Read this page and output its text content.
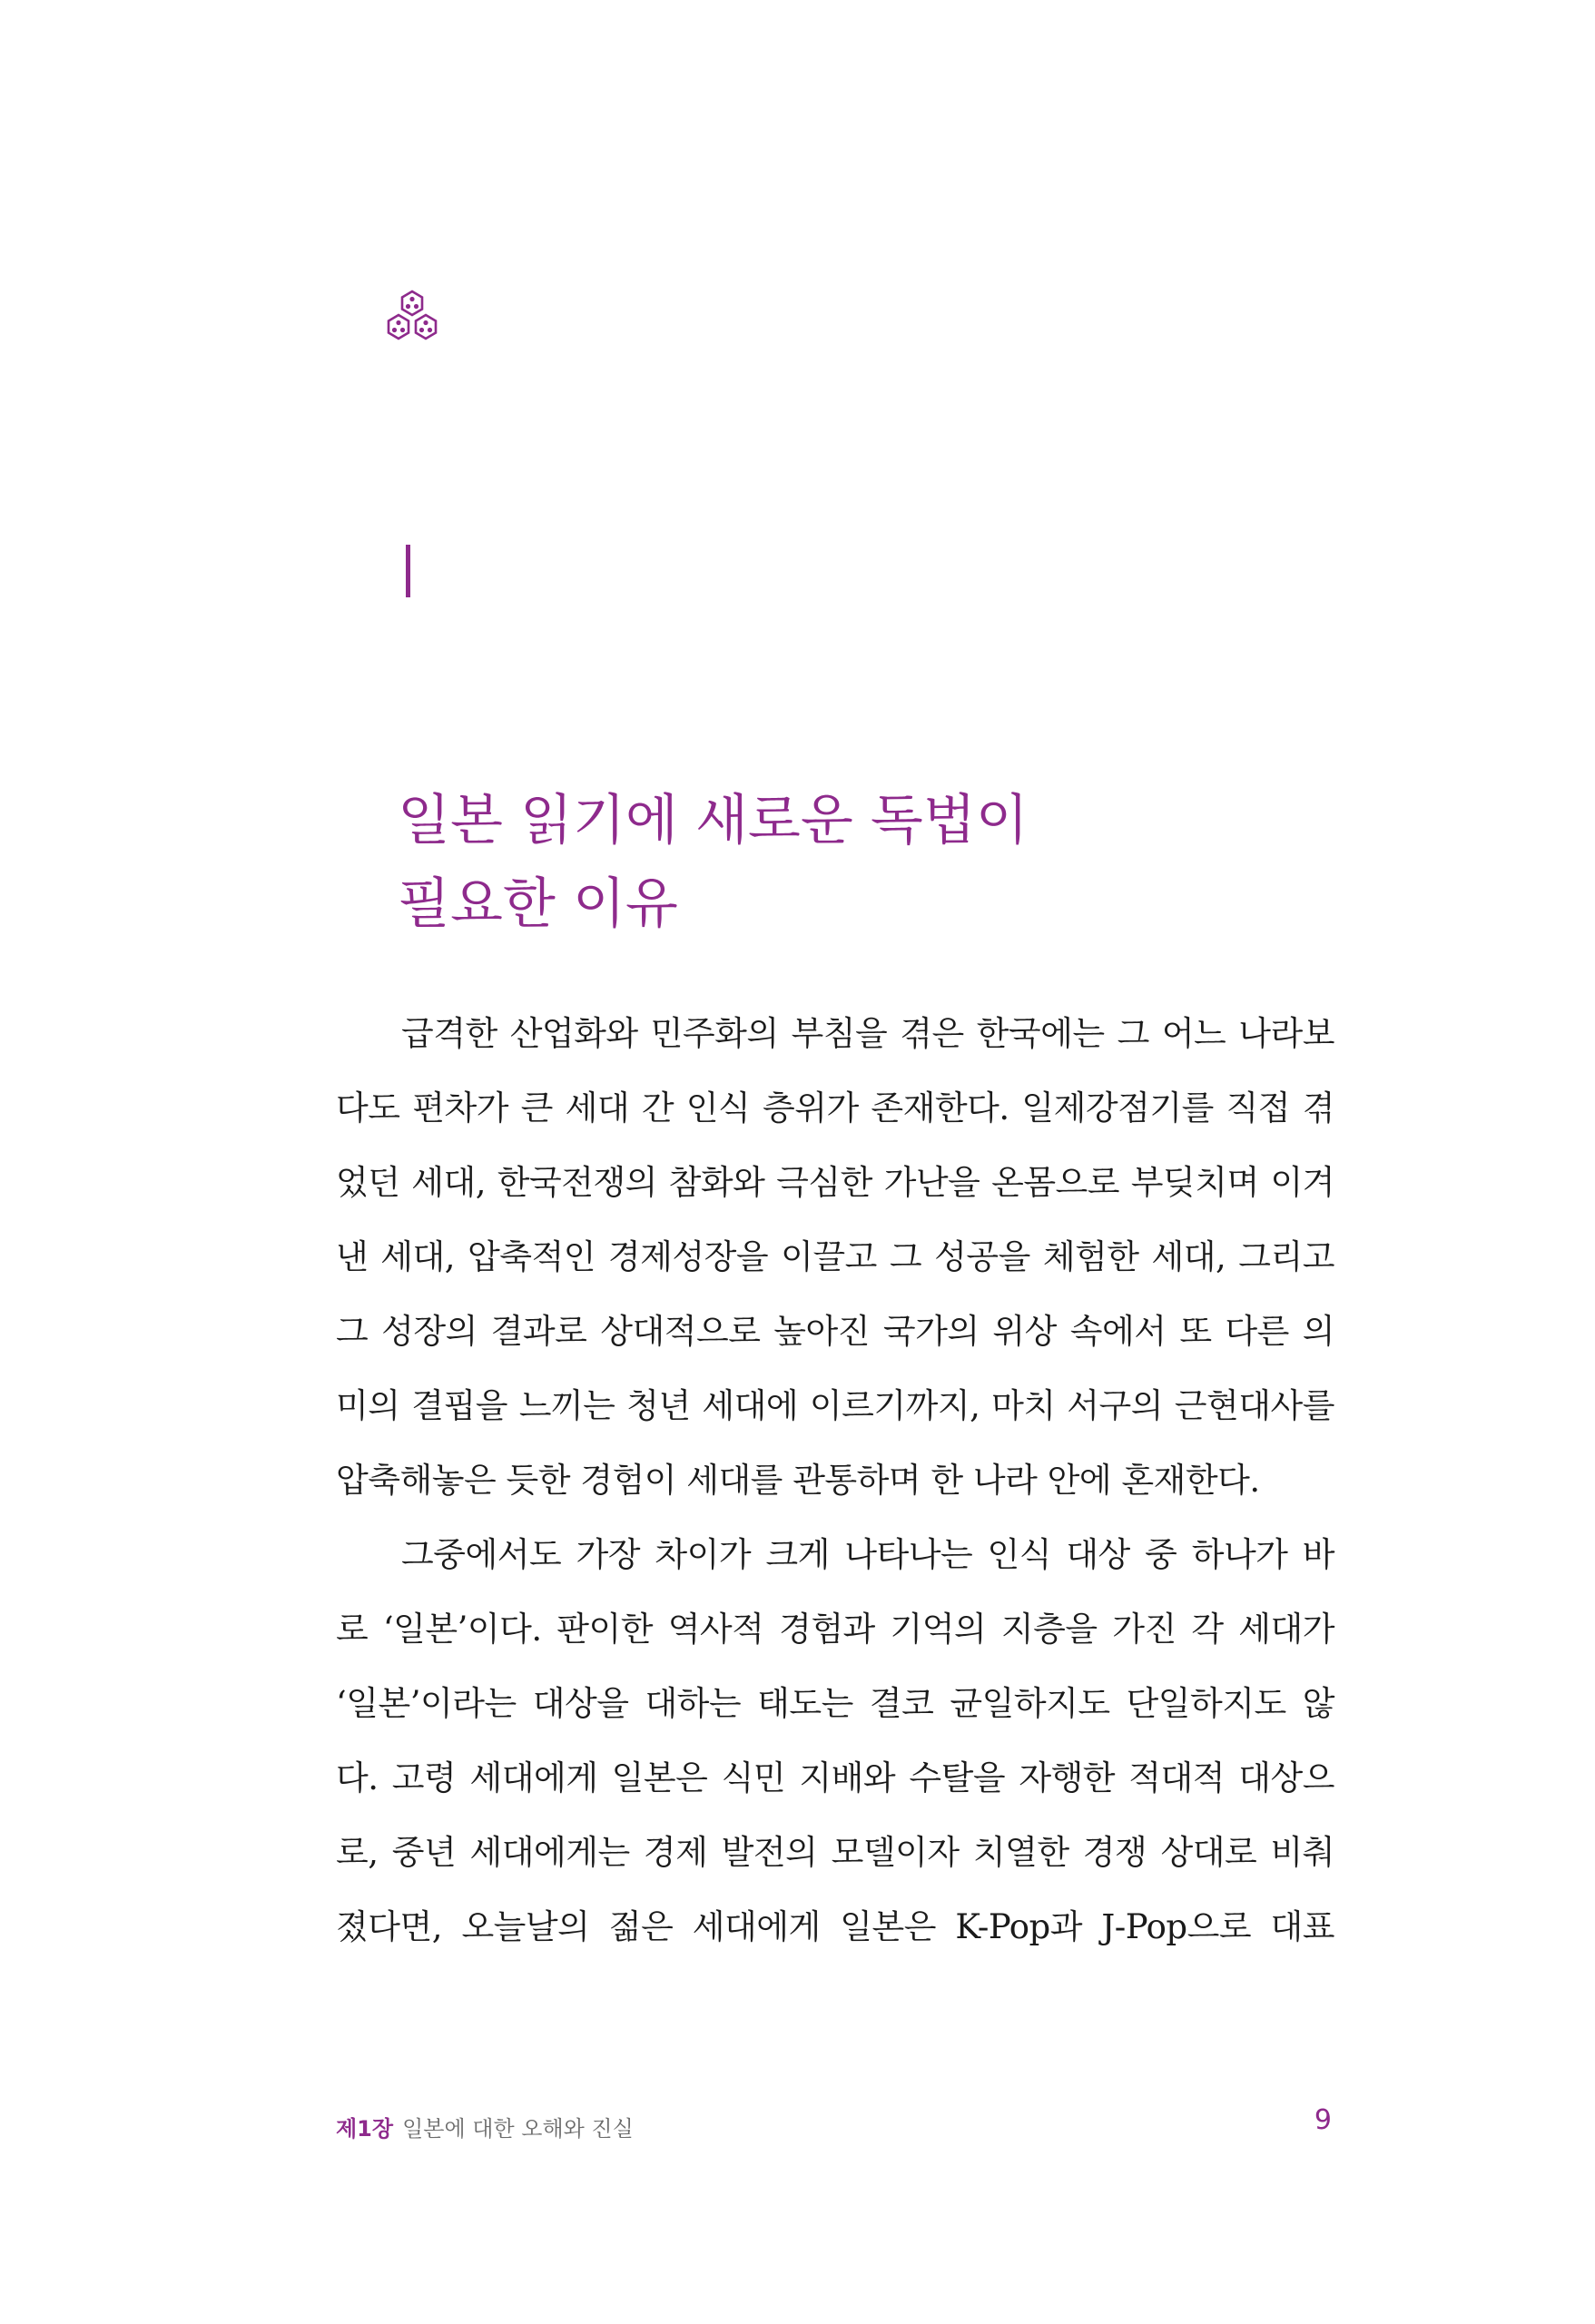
일본 읽기에 새로운 독법이
필요한 이유
급격한 산업화와 민주화의 부침을 겪은 한국에는 그 어느 나라보
다도 편차가 큰 세대 간 인식 층위가 존재한다. 일제강점기를 직접 겪
었던 세대, 한국전쟁의 참화와 극심한 가난을 온몸으로 부딪치며 이겨
낸 세대, 압축적인 경제성장을 이끌고 그 성공을 체험한 세대, 그리고
그 성장의 결과로 상대적으로 높아진 국가의 위상 속에서 또 다른 의
미의 결핍을 느끼는 청년 세대에 이르기까지, 마치 서구의 근현대사를
압축해놓은 듯한 경험이 세대를 관통하며 한 나라 안에 혼재한다.
그중에서도 가장 차이가 크게 나타나는 인식 대상 중 하나가 바
로 ‘일본’이다. 판이한 역사적 경험과 기억의 지층을 가진 각 세대가
‘일본’이라는 대상을 대하는 태도는 결코 균일하지도 단일하지도 않
다. 고령 세대에게 일본은 식민 지배와 수탈을 자행한 적대적 대상으
로, 중년 세대에게는 경제 발전의 모델이자 치열한 경쟁 상대로 비춰
졌다면, 오늘날의 젊은 세대에게 일본은 K-Pop과 J-Pop으로 대표
제1장 일본에 대한 오해와 진실	9
